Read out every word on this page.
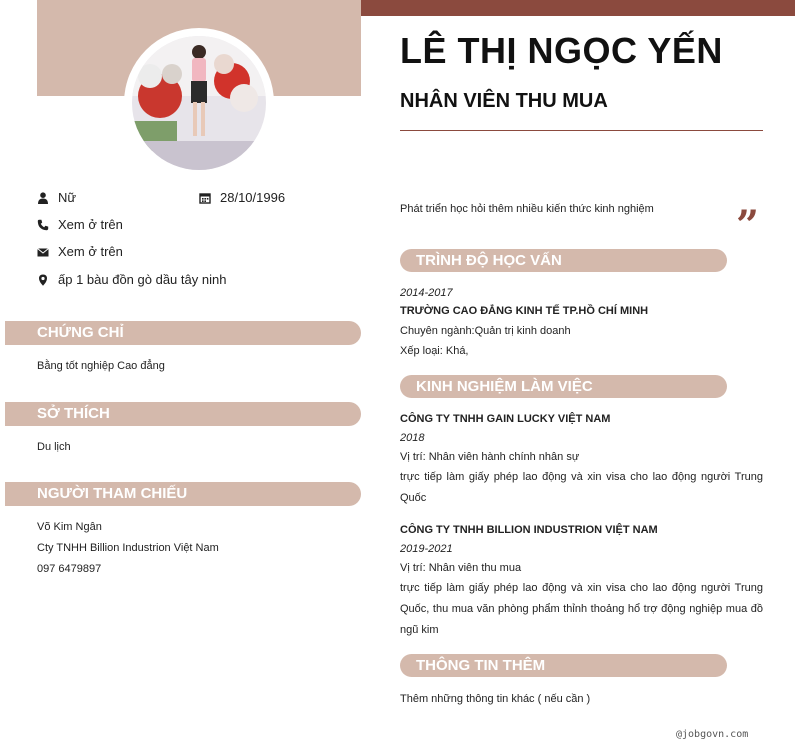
Nữ	28/10/1996
Xem ở trên
Xem ở trên
ấp 1 bàu đồn gò dầu tây ninh
CHỨNG CHỈ
Bằng tốt nghiệp Cao đẳng
SỞ THÍCH
Du lịch
NGƯỜI THAM CHIẾU
Võ Kim Ngân
Cty TNHH Billion Industrion Việt Nam
097 6479897
LÊ THỊ NGỌC YẾN
NHÂN VIÊN THU MUA
Phát triển học hỏi thêm nhiều kiến thức kinh nghiệm ”
TRÌNH ĐỘ HỌC VẤN
2014-2017
TRƯỜNG CAO ĐẲNG KINH TẾ TP.HỒ CHÍ MINH
Chuyên ngành:Quản trị kinh doanh
Xếp loại: Khá,
KINH NGHIỆM LÀM VIỆC
CÔNG TY TNHH GAIN LUCKY VIỆT NAM
2018
Vị trí: Nhân viên hành chính nhân sự
trực tiếp làm giấy phép lao động và xin visa cho lao động người Trung Quốc
CÔNG TY TNHH BILLION INDUSTRION VIỆT NAM
2019-2021
Vị trí: Nhân viên thu mua
trực tiếp làm giấy phép lao động và xin visa cho lao động người Trung Quốc, thu mua văn phòng phẩm thỉnh thoảng hổ trợ động nghiệp mua đồ ngũ kim
THÔNG TIN THÊM
Thêm những thông tin khác ( nếu cần )
@jobgovn.com
